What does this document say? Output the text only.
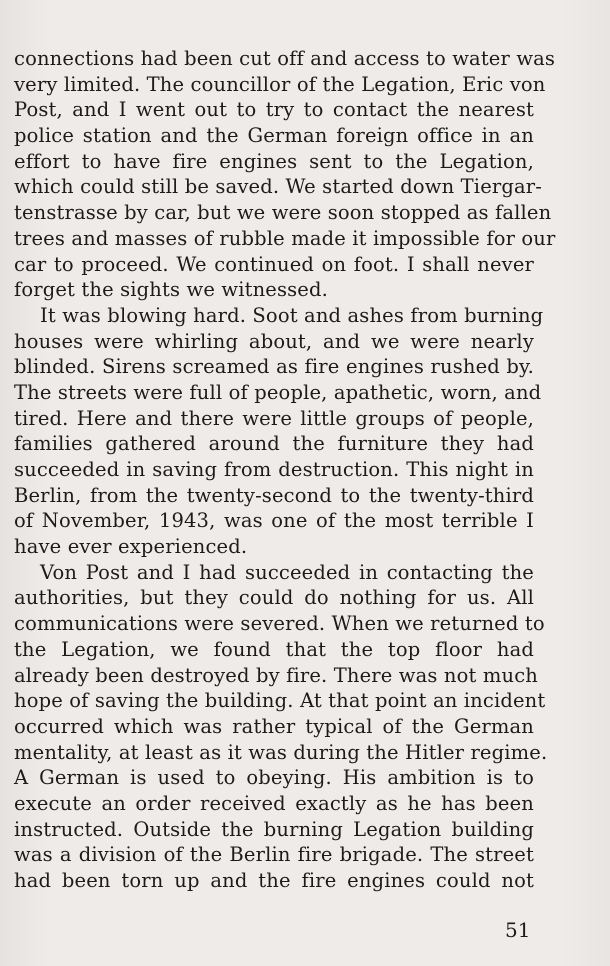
connections had been cut off and access to water was
very limited. The councillor of the Legation, Eric von
Post, and I went out to try to contact the nearest
police station and the German foreign office in an
effort to have fire engines sent to the Legation,
which could still be saved. We started down Tiergar-
tenstrasse by car, but we were soon stopped as fallen
trees and masses of rubble made it impossible for our
car to proceed. We continued on foot. I shall never
forget the sights we witnessed.
It was blowing hard. Soot and ashes from burning
houses were whirling about, and we were nearly
blinded. Sirens screamed as fire engines rushed by.
The streets were full of people, apathetic, worn, and
tired. Here and there were little groups of people,
families gathered around the furniture they had
succeeded in saving from destruction. This night in
Berlin, from the twenty-second to the twenty-third
of November, 1943, was one of the most terrible I
have ever experienced.
Von Post and I had succeeded in contacting the
authorities, but they could do nothing for us. All
communications were severed. When we returned to
the Legation, we found that the top floor had
already been destroyed by fire. There was not much
hope of saving the building. At that point an incident
occurred which was rather typical of the German
mentality, at least as it was during the Hitler regime.
A German is used to obeying. His ambition is to
execute an order received exactly as he has been
instructed. Outside the burning Legation building
was a division of the Berlin fire brigade. The street
had been torn up and the fire engines could not
51
